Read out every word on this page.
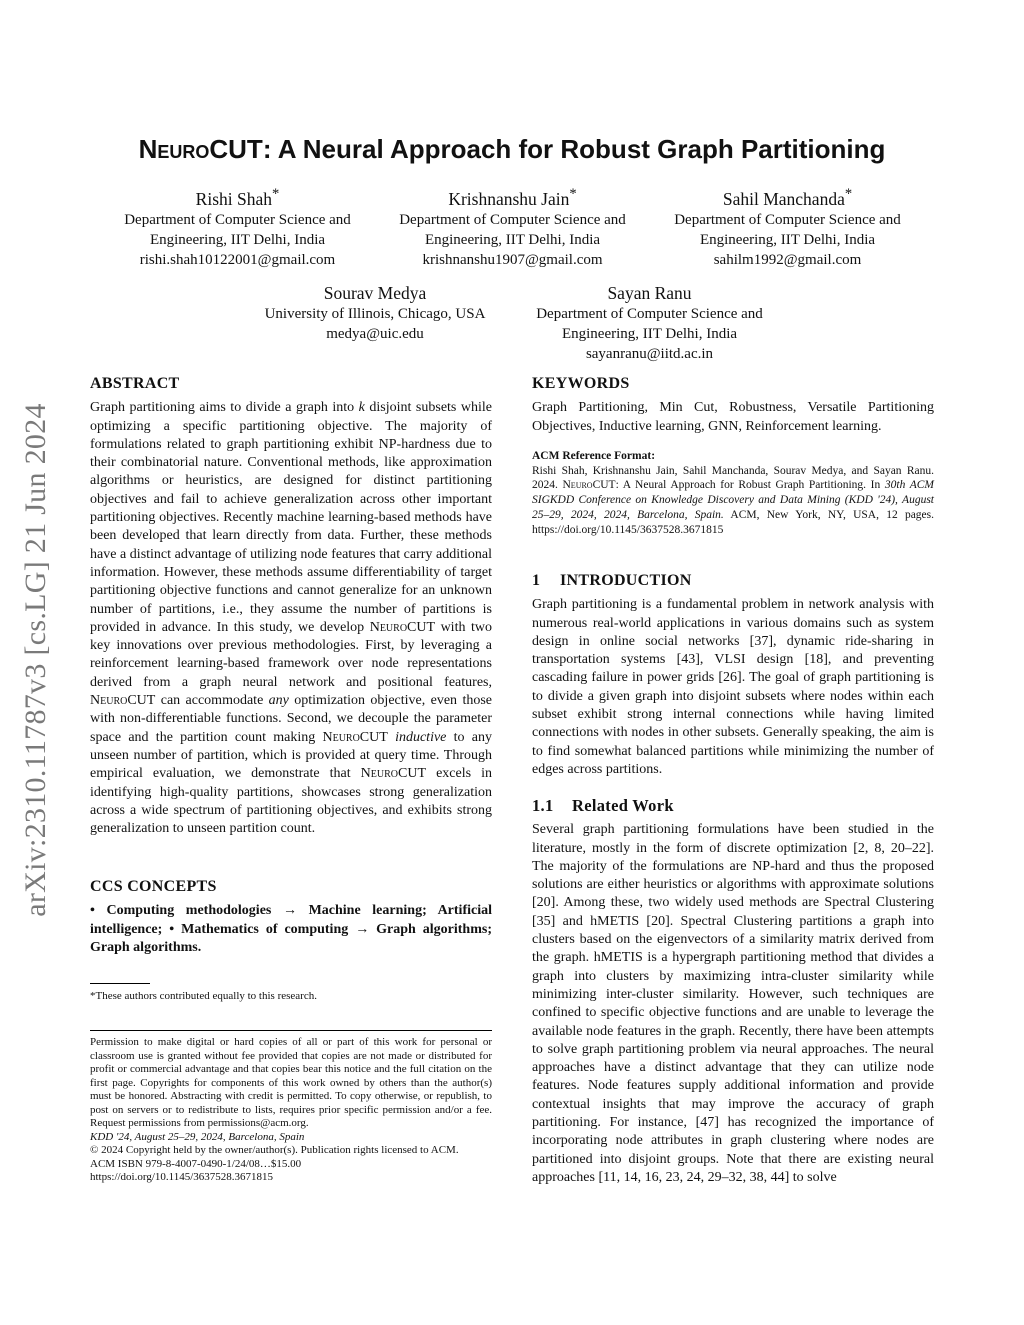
arXiv:2310.11787v3 [cs.LG] 21 Jun 2024
NeuroCUT: A Neural Approach for Robust Graph Partitioning
Rishi Shah*
Department of Computer Science and
Engineering, IIT Delhi, India
rishi.shah10122001@gmail.com
Krishnanshu Jain*
Department of Computer Science and
Engineering, IIT Delhi, India
krishnanshu1907@gmail.com
Sahil Manchanda*
Department of Computer Science and
Engineering, IIT Delhi, India
sahilm1992@gmail.com
Sourav Medya
University of Illinois, Chicago, USA
medya@uic.edu
Sayan Ranu
Department of Computer Science and
Engineering, IIT Delhi, India
sayanranu@iitd.ac.in
ABSTRACT

Graph partitioning aims to divide a graph into k disjoint subsets while optimizing a specific partitioning objective. The majority of formulations related to graph partitioning exhibit NP-hardness due to their combinatorial nature. Conventional methods, like approximation algorithms or heuristics, are designed for distinct partitioning objectives and fail to achieve generalization across other important partitioning objectives. Recently machine learning-based methods have been developed that learn directly from data. Further, these methods have a distinct advantage of utilizing node features that carry additional information. However, these methods assume differentiability of target partitioning objective functions and cannot generalize for an unknown number of partitions, i.e., they assume the number of partitions is provided in advance. In this study, we develop NeuroCUT with two key innovations over previous methodologies. First, by leveraging a reinforcement learning-based framework over node representations derived from a graph neural network and positional features, NeuroCUT can accommodate any optimization objective, even those with non-differentiable functions. Second, we decouple the parameter space and the partition count making NeuroCUT inductive to any unseen number of partition, which is provided at query time. Through empirical evaluation, we demonstrate that NeuroCUT excels in identifying high-quality partitions, showcases strong generalization across a wide spectrum of partitioning objectives, and exhibits strong generalization to unseen partition count.

CCS CONCEPTS

• Computing methodologies → Machine learning; Artificial intelligence; • Mathematics of computing → Graph algorithms; Graph algorithms.

*These authors contributed equally to this research.

Permission to make digital or hard copies of all or part of this work for personal or classroom use is granted without fee provided that copies are not made or distributed for profit or commercial advantage and that copies bear this notice and the full citation on the first page. Copyrights for components of this work owned by others than the author(s) must be honored. Abstracting with credit is permitted. To copy otherwise, or republish, to post on servers or to redistribute to lists, requires prior specific permission and/or a fee. Request permissions from permissions@acm.org.

KDD '24, August 25–29, 2024, Barcelona, Spain

© 2024 Copyright held by the owner/author(s). Publication rights licensed to ACM.

ACM ISBN 979-8-4007-0490-1/24/08…$15.00

https://doi.org/10.1145/3637528.3671815

KEYWORDS

Graph Partitioning, Min Cut, Robustness, Versatile Partitioning Objectives, Inductive learning, GNN, Reinforcement learning.

ACM Reference Format:

Rishi Shah, Krishnanshu Jain, Sahil Manchanda, Sourav Medya, and Sayan Ranu. 2024. NeuroCUT: A Neural Approach for Robust Graph Partitioning. In 30th ACM SIGKDD Conference on Knowledge Discovery and Data Mining (KDD '24), August 25–29, 2024, 2024, Barcelona, Spain. ACM, New York, NY, USA, 12 pages. https://doi.org/10.1145/3637528.3671815

1 INTRODUCTION

Graph partitioning is a fundamental problem in network analysis with numerous real-world applications in various domains such as system design in online social networks [37], dynamic ride-sharing in transportation systems [43], VLSI design [18], and preventing cascading failure in power grids [26]. The goal of graph partitioning is to divide a given graph into disjoint subsets where nodes within each subset exhibit strong internal connections while having limited connections with nodes in other subsets. Generally speaking, the aim is to find somewhat balanced partitions while minimizing the number of edges across partitions.

1.1 Related Work

Several graph partitioning formulations have been studied in the literature, mostly in the form of discrete optimization [2, 8, 20–22]. The majority of the formulations are NP-hard and thus the proposed solutions are either heuristics or algorithms with approximate solutions [20]. Among these, two widely used methods are Spectral Clustering [35] and hMETIS [20]. Spectral Clustering partitions a graph into clusters based on the eigenvectors of a similarity matrix derived from the graph. hMETIS is a hypergraph partitioning method that divides a graph into clusters by maximizing intra-cluster similarity while minimizing inter-cluster similarity. However, such techniques are confined to specific objective functions and are unable to leverage the available node features in the graph. Recently, there have been attempts to solve graph partitioning problem via neural approaches. The neural approaches have a distinct advantage that they can utilize node features. Node features supply additional information and provide contextual insights that may improve the accuracy of graph partitioning. For instance, [47] has recognized the importance of incorporating node attributes in graph clustering where nodes are partitioned into disjoint groups. Note that there are existing neural approaches [11, 14, 16, 23, 24, 29–32, 38, 44] to solve
